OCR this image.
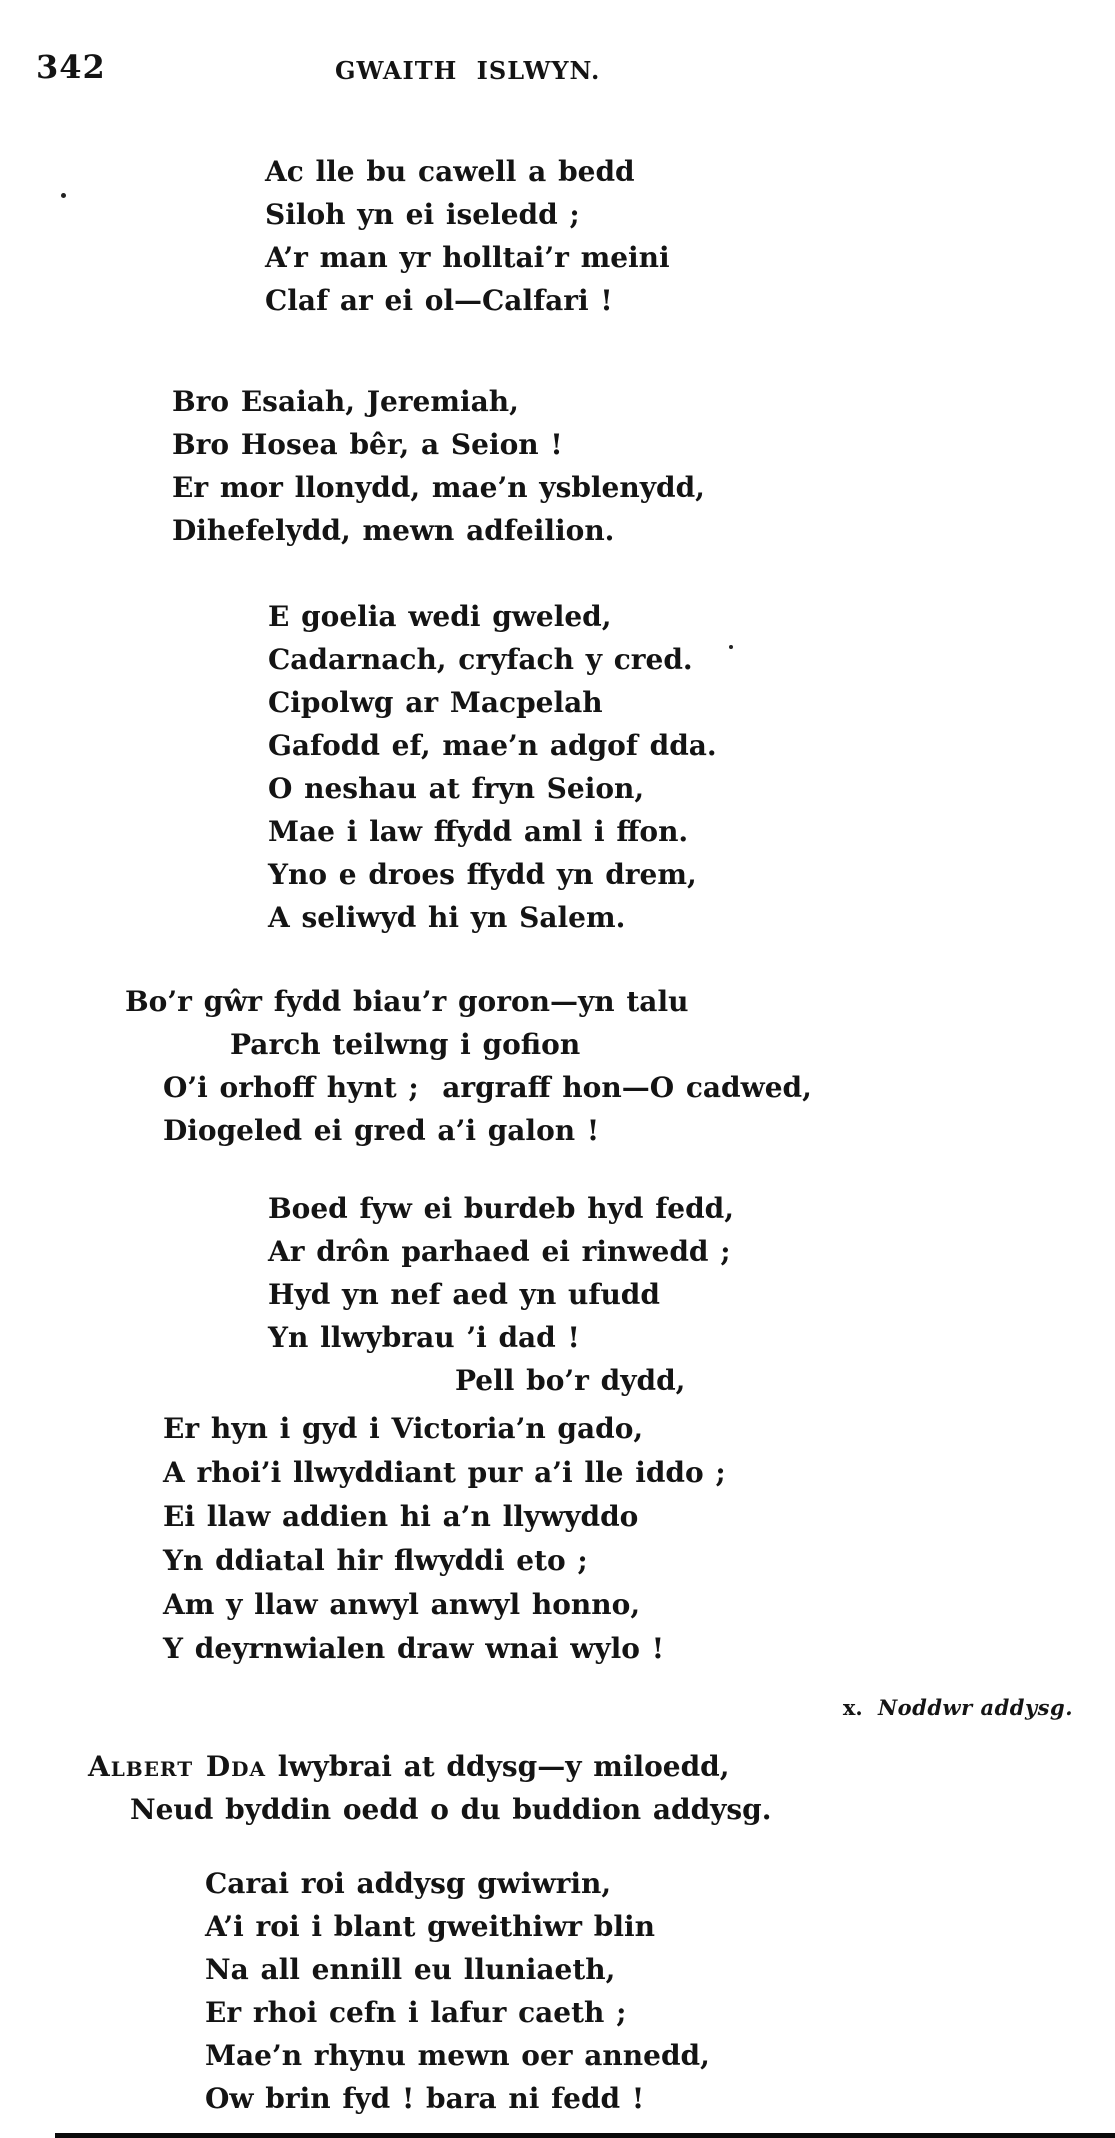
342	GWAITH ISLWYN.
Ac lle bu cawell a bedd
Siloh yn ei iseledd ;
A’r man yr holltai’r meini
Claf ar ei ol—Calfari !
Bro Esaiah, Jeremiah,
Bro Hosea bêr, a Seion !
Er mor llonydd, mae’n ysblenydd,
Dihefelydd, mewn adfeilion.
E goelia wedi gweled,
Cadarnach, cryfach y cred.
Cipolwg ar Macpelah
Gafodd ef, mae’n adgof dda.
O neshau at fryn Seion,
Mae i law ffydd aml i ffon.
Yno e droes ffydd yn drem,
A seliwyd hi yn Salem.
Bo’r gŵr fydd biau’r goron—yn talu
Parch teilwng i gofion
O’i orhoff hynt ;  argraff hon—O cadwed,
Diogeled ei gred a’i galon !
Boed fyw ei burdeb hyd fedd,
Ar drôn parhaed ei rinwedd ;
Hyd yn nef aed yn ufudd
Yn llwybrau ’i dad !
Pell bo’r dydd,
Er hyn i gyd i Victoria’n gado,
A rhoi’i llwyddiant pur a’i lle iddo ;
Ei llaw addien hi a’n llywyddo
Yn ddiatal hir flwyddi eto ;
Am y llaw anwyl anwyl honno,
Y deyrnwialen draw wnai wylo !
x. Noddwr addysg.
Albert Dda lwybrai at ddysg—y miloedd,
Neud byddin oedd o du buddion addysg.
Carai roi addysg gwiwrin,
A’i roi i blant gweithiwr blin
Na all ennill eu lluniaeth,
Er rhoi cefn i lafur caeth ;
Mae’n rhynu mewn oer annedd,
Ow brin fyd ! bara ni fedd !
